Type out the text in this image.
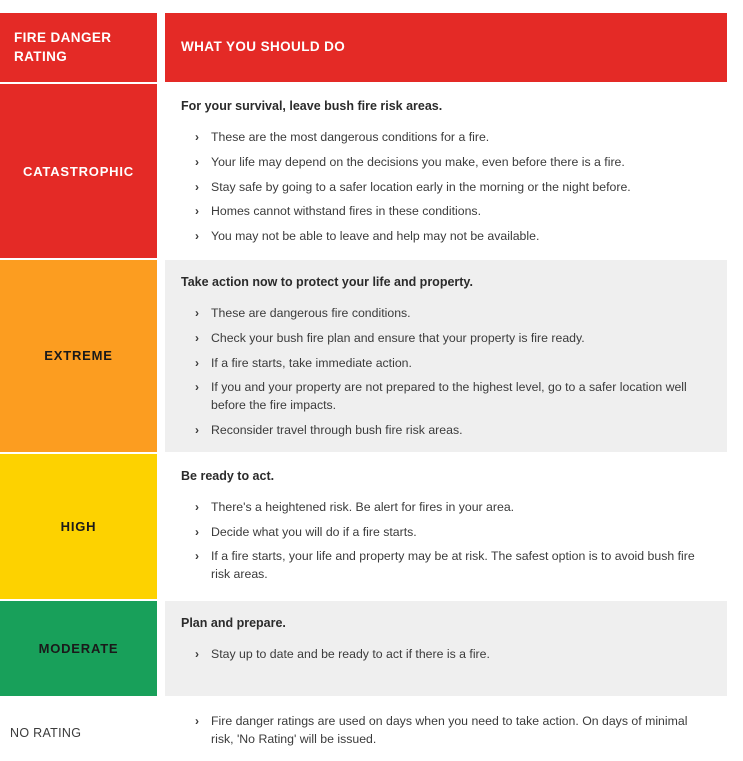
FIRE DANGER RATING
WHAT YOU SHOULD DO
CATASTROPHIC
For your survival, leave bush fire risk areas.
› These are the most dangerous conditions for a fire.
› Your life may depend on the decisions you make, even before there is a fire.
› Stay safe by going to a safer location early in the morning or the night before.
› Homes cannot withstand fires in these conditions.
› You may not be able to leave and help may not be available.
EXTREME
Take action now to protect your life and property.
› These are dangerous fire conditions.
› Check your bush fire plan and ensure that your property is fire ready.
› If a fire starts, take immediate action.
› If you and your property are not prepared to the highest level, go to a safer location well before the fire impacts.
› Reconsider travel through bush fire risk areas.
HIGH
Be ready to act.
› There's a heightened risk. Be alert for fires in your area.
› Decide what you will do if a fire starts.
› If a fire starts, your life and property may be at risk. The safest option is to avoid bush fire risk areas.
MODERATE
Plan and prepare.
› Stay up to date and be ready to act if there is a fire.
NO RATING
› Fire danger ratings are used on days when you need to take action. On days of minimal risk, 'No Rating' will be issued.
